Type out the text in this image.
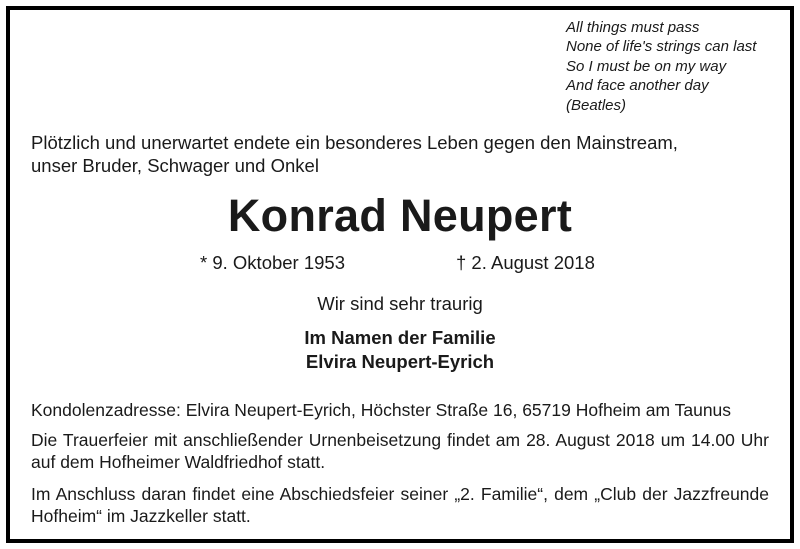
All things must pass
None of life's strings can last
So I must be on my way
And face another day
(Beatles)
Plötzlich und unerwartet endete ein besonderes Leben gegen den Mainstream,
unser Bruder, Schwager und Onkel
Konrad Neupert
* 9. Oktober 1953	† 2. August 2018
Wir sind sehr traurig
Im Namen der Familie
Elvira Neupert-Eyrich
Kondolenzadresse: Elvira Neupert-Eyrich, Höchster Straße 16, 65719 Hofheim am Taunus
Die Trauerfeier mit anschließender Urnenbeisetzung findet am 28. August 2018 um 14.00 Uhr auf dem Hofheimer Waldfriedhof statt.
Im Anschluss daran findet eine Abschiedsfeier seiner „2. Familie“, dem „Club der Jazzfreunde Hofheim“ im Jazzkeller statt.
